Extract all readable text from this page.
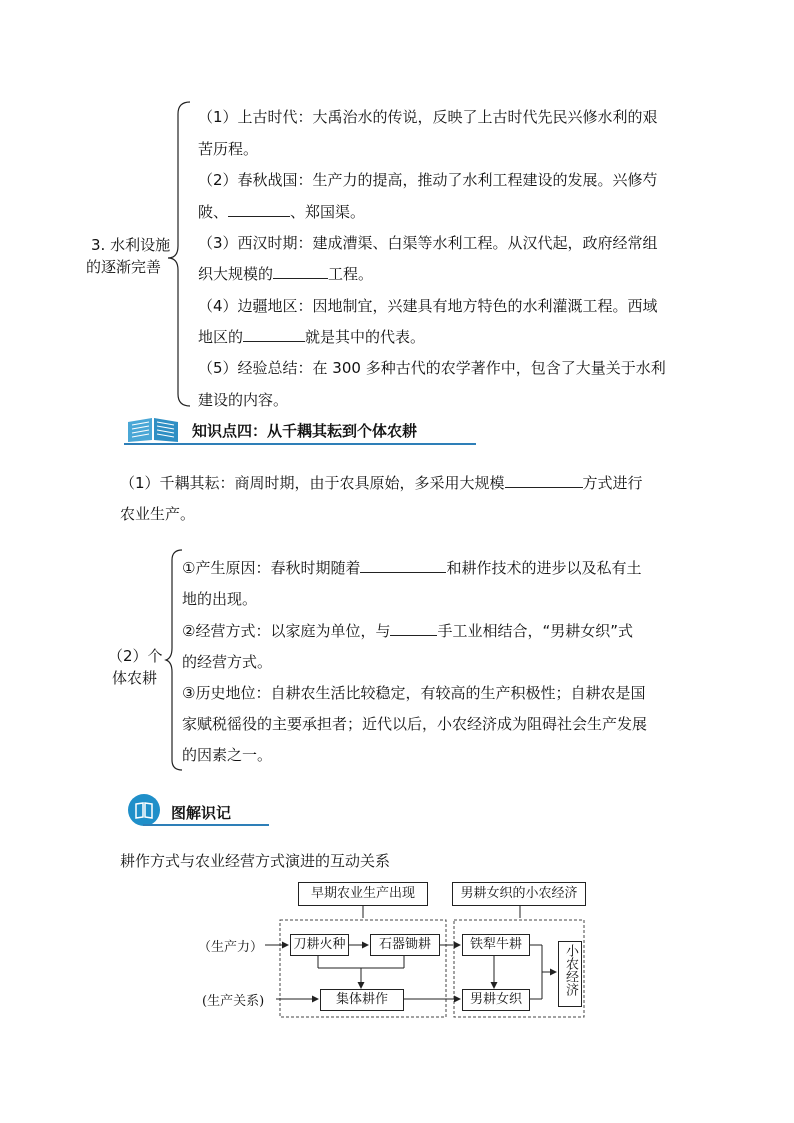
3. 水利设施
的逐渐完善
（1）上古时代：大禹治水的传说，反映了上古时代先民兴修水利的艰
苦历程。
（2）春秋战国：生产力的提高，推动了水利工程建设的发展。兴修芍
陂、	、郑国渠。
（3）西汉时期：建成漕渠、白渠等水利工程。从汉代起，政府经常组
织大规模的	工程。
（4）边疆地区：因地制宜，兴建具有地方特色的水利灌溉工程。西域
地区的	就是其中的代表。
（5）经验总结：在 300 多种古代的农学著作中，包含了大量关于水利
建设的内容。
知识点四：从千耦其耘到个体农耕
（1）千耦其耘：商周时期，由于农具原始，多采用大规模	方式进行
农业生产。
（2）个
体农耕
①产生原因：春秋时期随着	和耕作技术的进步以及私有土
地的出现。
②经营方式：以家庭为单位，与	手工业相结合，“男耕女织”式
的经营方式。
③历史地位：自耕农生活比较稳定，有较高的生产积极性；自耕农是国
家赋税徭役的主要承担者；近代以后，小农经济成为阻碍社会生产发展
的因素之一。
图解识记
耕作方式与农业经营方式演进的互动关系
早期农业生产出现	男耕女织的小农经济
（生产力）
(生产关系)
刀耕火种	石器锄耕	铁犁牛耕
集体耕作	男耕女织
小农经济
